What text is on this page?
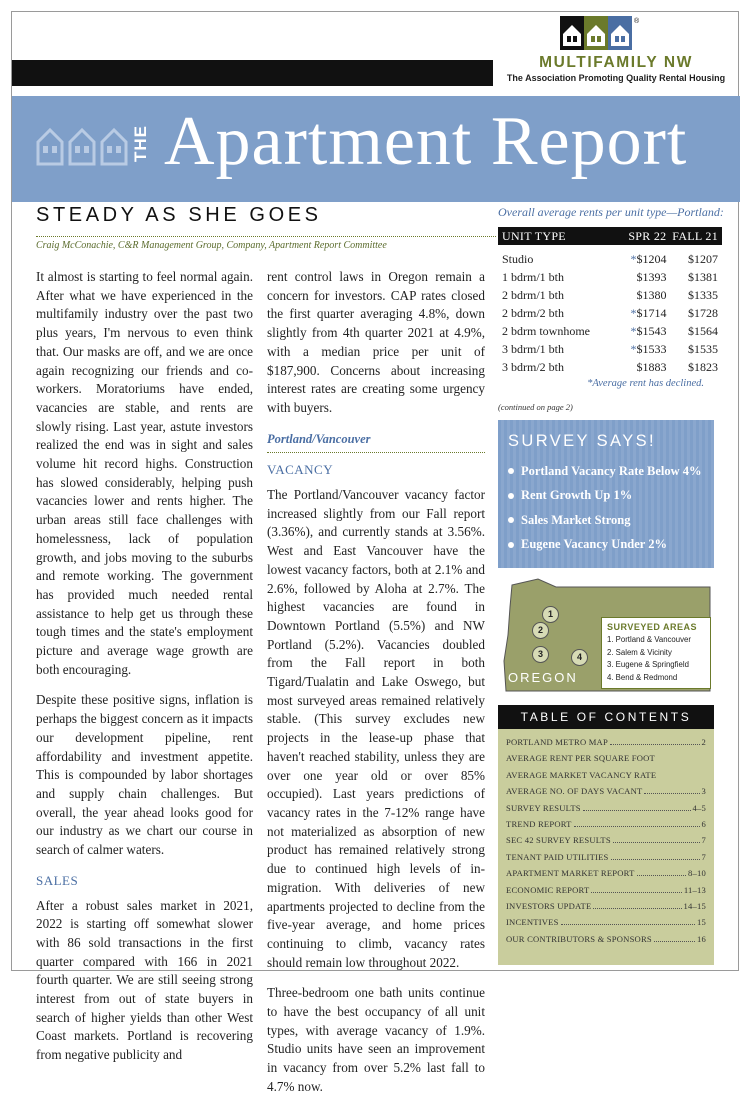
®
MULTIFAMILY NW
The Association Promoting Quality Rental Housing
THE Apartment Report
STEADY AS SHE GOES
Craig McConachie, C&R Management Group, Company, Apartment Report Committee

It almost is starting to feel normal again. After what we have experienced in the multifamily industry over the past two plus years, I'm nervous to even think that. Our masks are off, and we are once again recognizing our friends and co-workers. Moratoriums have ended, vacancies are stable, and rents are slowly rising. Last year, astute investors realized the end was in sight and sales volume hit record highs. Construction has slowed considerably, helping push vacancies lower and rents higher. The urban areas still face challenges with homelessness, lack of population growth, and jobs moving to the suburbs and remote working. The government has provided much needed rental assistance to help get us through these tough times and the state's employment picture and average wage growth are both encouraging.

Despite these positive signs, inflation is perhaps the biggest concern as it impacts our development pipeline, rent affordability and investment appetite. This is compounded by labor shortages and supply chain challenges. But overall, the year ahead looks good for our industry as we chart our course in search of calmer waters.

SALES

After a robust sales market in 2021, 2022 is starting off somewhat slower with 86 sold transactions in the first quarter compared with 166 in 2021 fourth quarter. We are still seeing strong interest from out of state buyers in search of higher yields than other West Coast markets. Portland is recovering from negative publicity and

rent control laws in Oregon remain a concern for investors. CAP rates closed the first quarter averaging 4.8%, down slightly from 4th quarter 2021 at 4.9%, with a median price per unit of $187,900. Concerns about increasing interest rates are creating some urgency with buyers.

Portland/Vancouver
VACANCY

The Portland/Vancouver vacancy factor increased slightly from our Fall report (3.36%), and currently stands at 3.56%. West and East Vancouver have the lowest vacancy factors, both at 2.1% and 2.6%, followed by Aloha at 2.7%. The highest vacancies are found in Downtown Portland (5.5%) and NW Portland (5.2%). Vacancies doubled from the Fall report in both Tigard/Tualatin and Lake Oswego, but most surveyed areas remained relatively stable. (This survey excludes new projects in the lease-up phase that haven't reached stability, unless they are over one year old or over 85% occupied). Last years predictions of vacancy rates in the 7-12% range have not materialized as absorption of new product has remained relatively strong due to continued high levels of in-migration. With deliveries of new apartments projected to decline from the five-year average, and home prices continuing to climb, vacancy rates should remain low throughout 2022.

Three-bedroom one bath units continue to have the best occupancy of all unit types, with average vacancy of 1.9%. Studio units have seen an improvement in vacancy from over 5.2% last fall to 4.7% now.

Overall average rents per unit type—Portland:
UNIT TYPE	SPR 22 FALL 21
Studio	*$1204	$1207
1 bdrm/1 bth	$1393	$1381
2 bdrm/1 bth	$1380	$1335
2 bdrm/2 bth	*$1714	$1728
2 bdrm townhome	*$1543	$1564
3 bdrm/1 bth	*$1533	$1535
3 bdrm/2 bth	$1883	$1823
*Average rent has declined.
(continued on page 2)
SURVEY SAYS!
Portland Vacancy Rate Below 4%
Rent Growth Up 1%
Sales Market Strong
Eugene Vacancy Under 2%
1
2
3	4
OREGON
SURVEYED AREAS
1. Portland & Vancouver
2. Salem & Vicinity
3. Eugene & Springfield
4. Bend & Redmond
TABLE OF CONTENTS
PORTLAND METRO MAP	2
AVERAGE RENT PER SQUARE FOOT
AVERAGE MARKET VACANCY RATE
AVERAGE NO. OF DAYS VACANT	3
SURVEY RESULTS	4–5
TREND REPORT	6
SEC 42 SURVEY RESULTS	7
TENANT PAID UTILITIES	7
APARTMENT MARKET REPORT	8–10
ECONOMIC REPORT	11–13
INVESTORS UPDATE	14–15
INCENTIVES	15
OUR CONTRIBUTORS & SPONSORS	16
